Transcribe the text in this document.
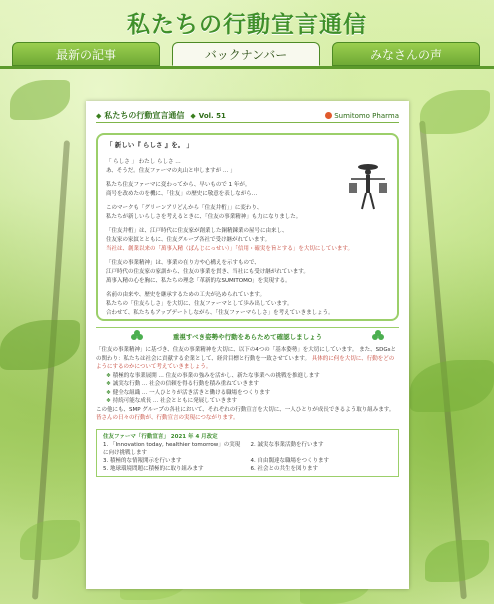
私たちの行動宣言通信
最新の記事	バックナンバー	みなさんの声
◆ 私たちの行動宣言通信 ◆ Vol. 51	Sumitomo Pharma
「 新しい『 らしさ 』を。 」

「 らしさ 」 わたし らしさ …
あ、そうだ。住友ファーマの丸山と申しますが … 」

私たち住友ファーマに変わってから、早いもので 1 年が。
商号を改めたのを機に、「住友」の歴史に敬意を表しながら…

このマークも「グリーンアリどんから「住友井桁」」に変わり、
私たちが新しいらしさを考えるときに、「住友の事業精神」も力になりました。

「住友井桁」は、江戸時代に住友家が創業した銅精錬業の屋号に由来し、
住友家の家紋とともに、住友グループ各社で受け継がれています。
当社は、創業以来の「萬事入精（ばんじにっせい）」「信用・確実を旨とする」を大切にしています。

「住友の事業精神」は、事業の在り方や心構えを示すもので、
江戸時代の住友家の家訓から、住友の事業を貫き、当社にも受け継がれています。
萬事入精の心を胸に、私たちの理念「革新的なSUMITOMO」を実現する。

名前の由来や、歴史を継承するための工夫が込められています。
私たちの「住友らしさ」を大切に、住友ファーマとして歩み出しています。
合わせて、私たちもアップデートしながら、「住友ファーマらしさ」を考えていきましょう。

重視すべき姿勢や行動をあらためて確認しましょう

「住友の事業精神」に基づき、住友の事業精神を大切に、以下の4つの「基本姿勢」を大切にしています。 また、SDGsとの関わり：私たちは社会に貢献する企業として、経営目標と行動を一致させています。 具体的に何を大切に、行動をどのようにするのかについて考えていきましょう。

❖ 積極的な事業展開 … 住友の事業の強みを活かし、新たな事業への挑戦を推進します
❖ 誠実な行動 … 社会の信頼を得る行動を積み重ねていきます
❖ 健全な組織 … 一人ひとりが活き活きと働ける職場をつくります
❖ 持続可能な成長 … 社会とともに発展していきます

この他にも、SMP グループの各社において、それぞれの行動宣言を大切に、一人ひとりが成長できるよう取り組みます。 皆さんの日々の行動が、行動宣言の実現につながります。

住友ファーマ「行動宣言」 2021 年 4 月改定
1. 「Innovation today, healthier tomorrow」の実現に向け挑戦します
2. 誠実な事業活動を行います
3. 積極的な情報開示を行います	4. 自由闊達な職場をつくります
5. 地球環境問題に積極的に取り組みます	6. 社会との共生を図ります
